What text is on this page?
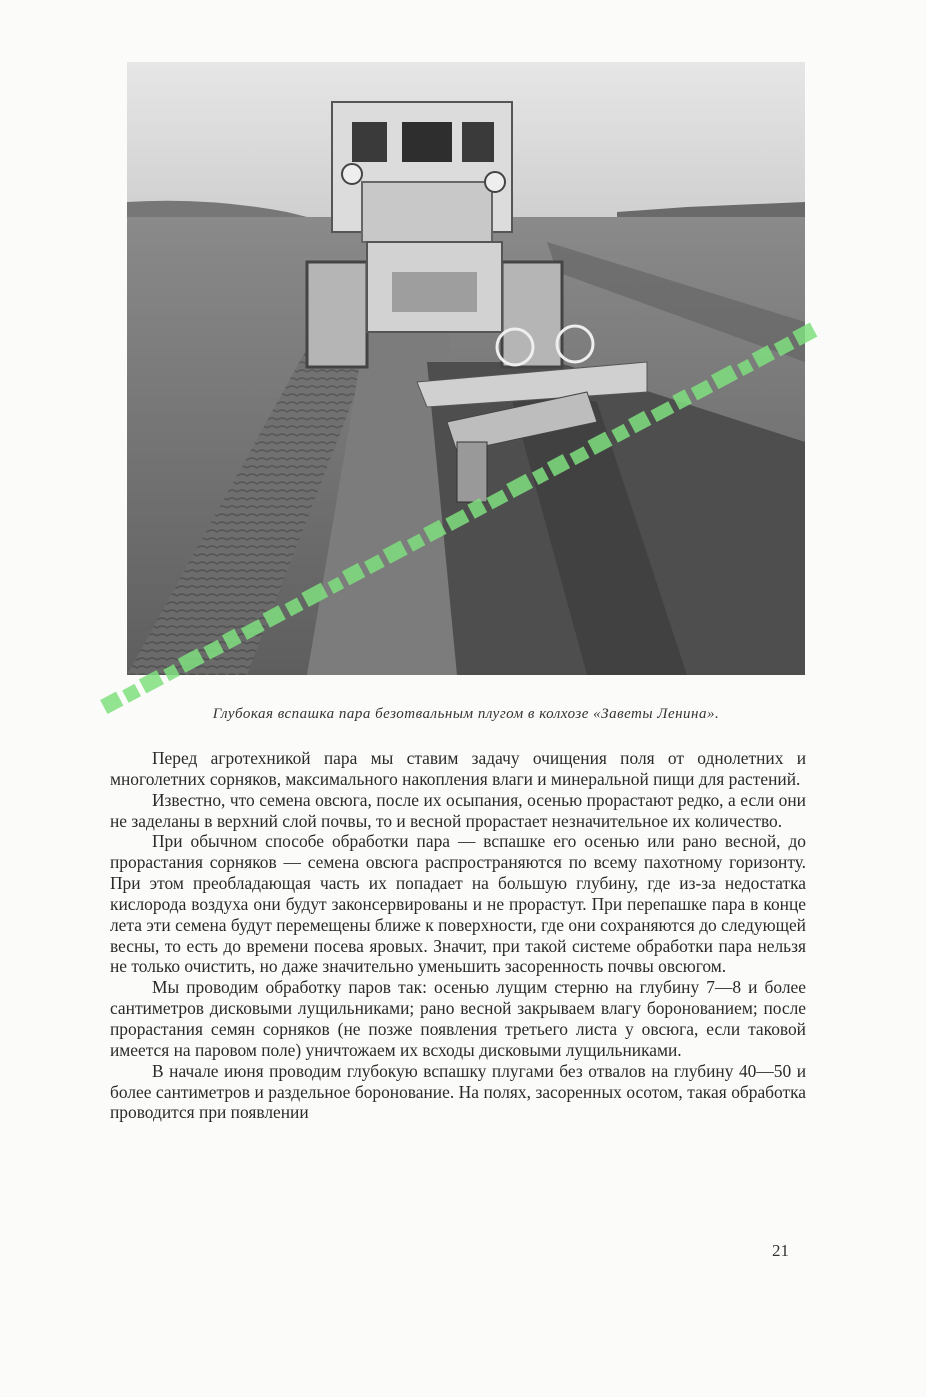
Глубокая вспашка пара безотвальным плугом в колхозе «Заветы Ленина».

Перед агротехникой пара мы ставим задачу очищения поля от однолетних и многолетних сорняков, максимального накопления влаги и минеральной пищи для растений.

Известно, что семена овсюга, после их осыпания, осенью прорастают редко, а если они не заделаны в верхний слой почвы, то и весной прорастает незначительное их количество.

При обычном способе обработки пара — вспашке его осенью или рано весной, до прорастания сорняков — семена овсюга распространяются по всему пахотному горизонту. При этом преобладающая часть их попадает на большую глубину, где из-за недостатка кислорода воздуха они будут законсервированы и не прорастут. При перепашке пара в конце лета эти семена будут перемещены ближе к поверхности, где они сохраняются до следующей весны, то есть до времени посева яровых. Значит, при такой системе обработки пара нельзя не только очистить, но даже значительно уменьшить засоренность почвы овсюгом.

Мы проводим обработку паров так: осенью лущим стерню на глубину 7—8 и более сантиметров дисковыми лущильниками; рано весной закрываем влагу боронованием; после прорастания семян сорняков (не позже появления третьего листа у овсюга, если таковой имеется на паровом поле) уничтожаем их всходы дисковыми лущильниками.

В начале июня проводим глубокую вспашку плугами без отвалов на глубину 40—50 и более сантиметров и раздельное боронование. На полях, засоренных осотом, такая обработка проводится при появлении

21
